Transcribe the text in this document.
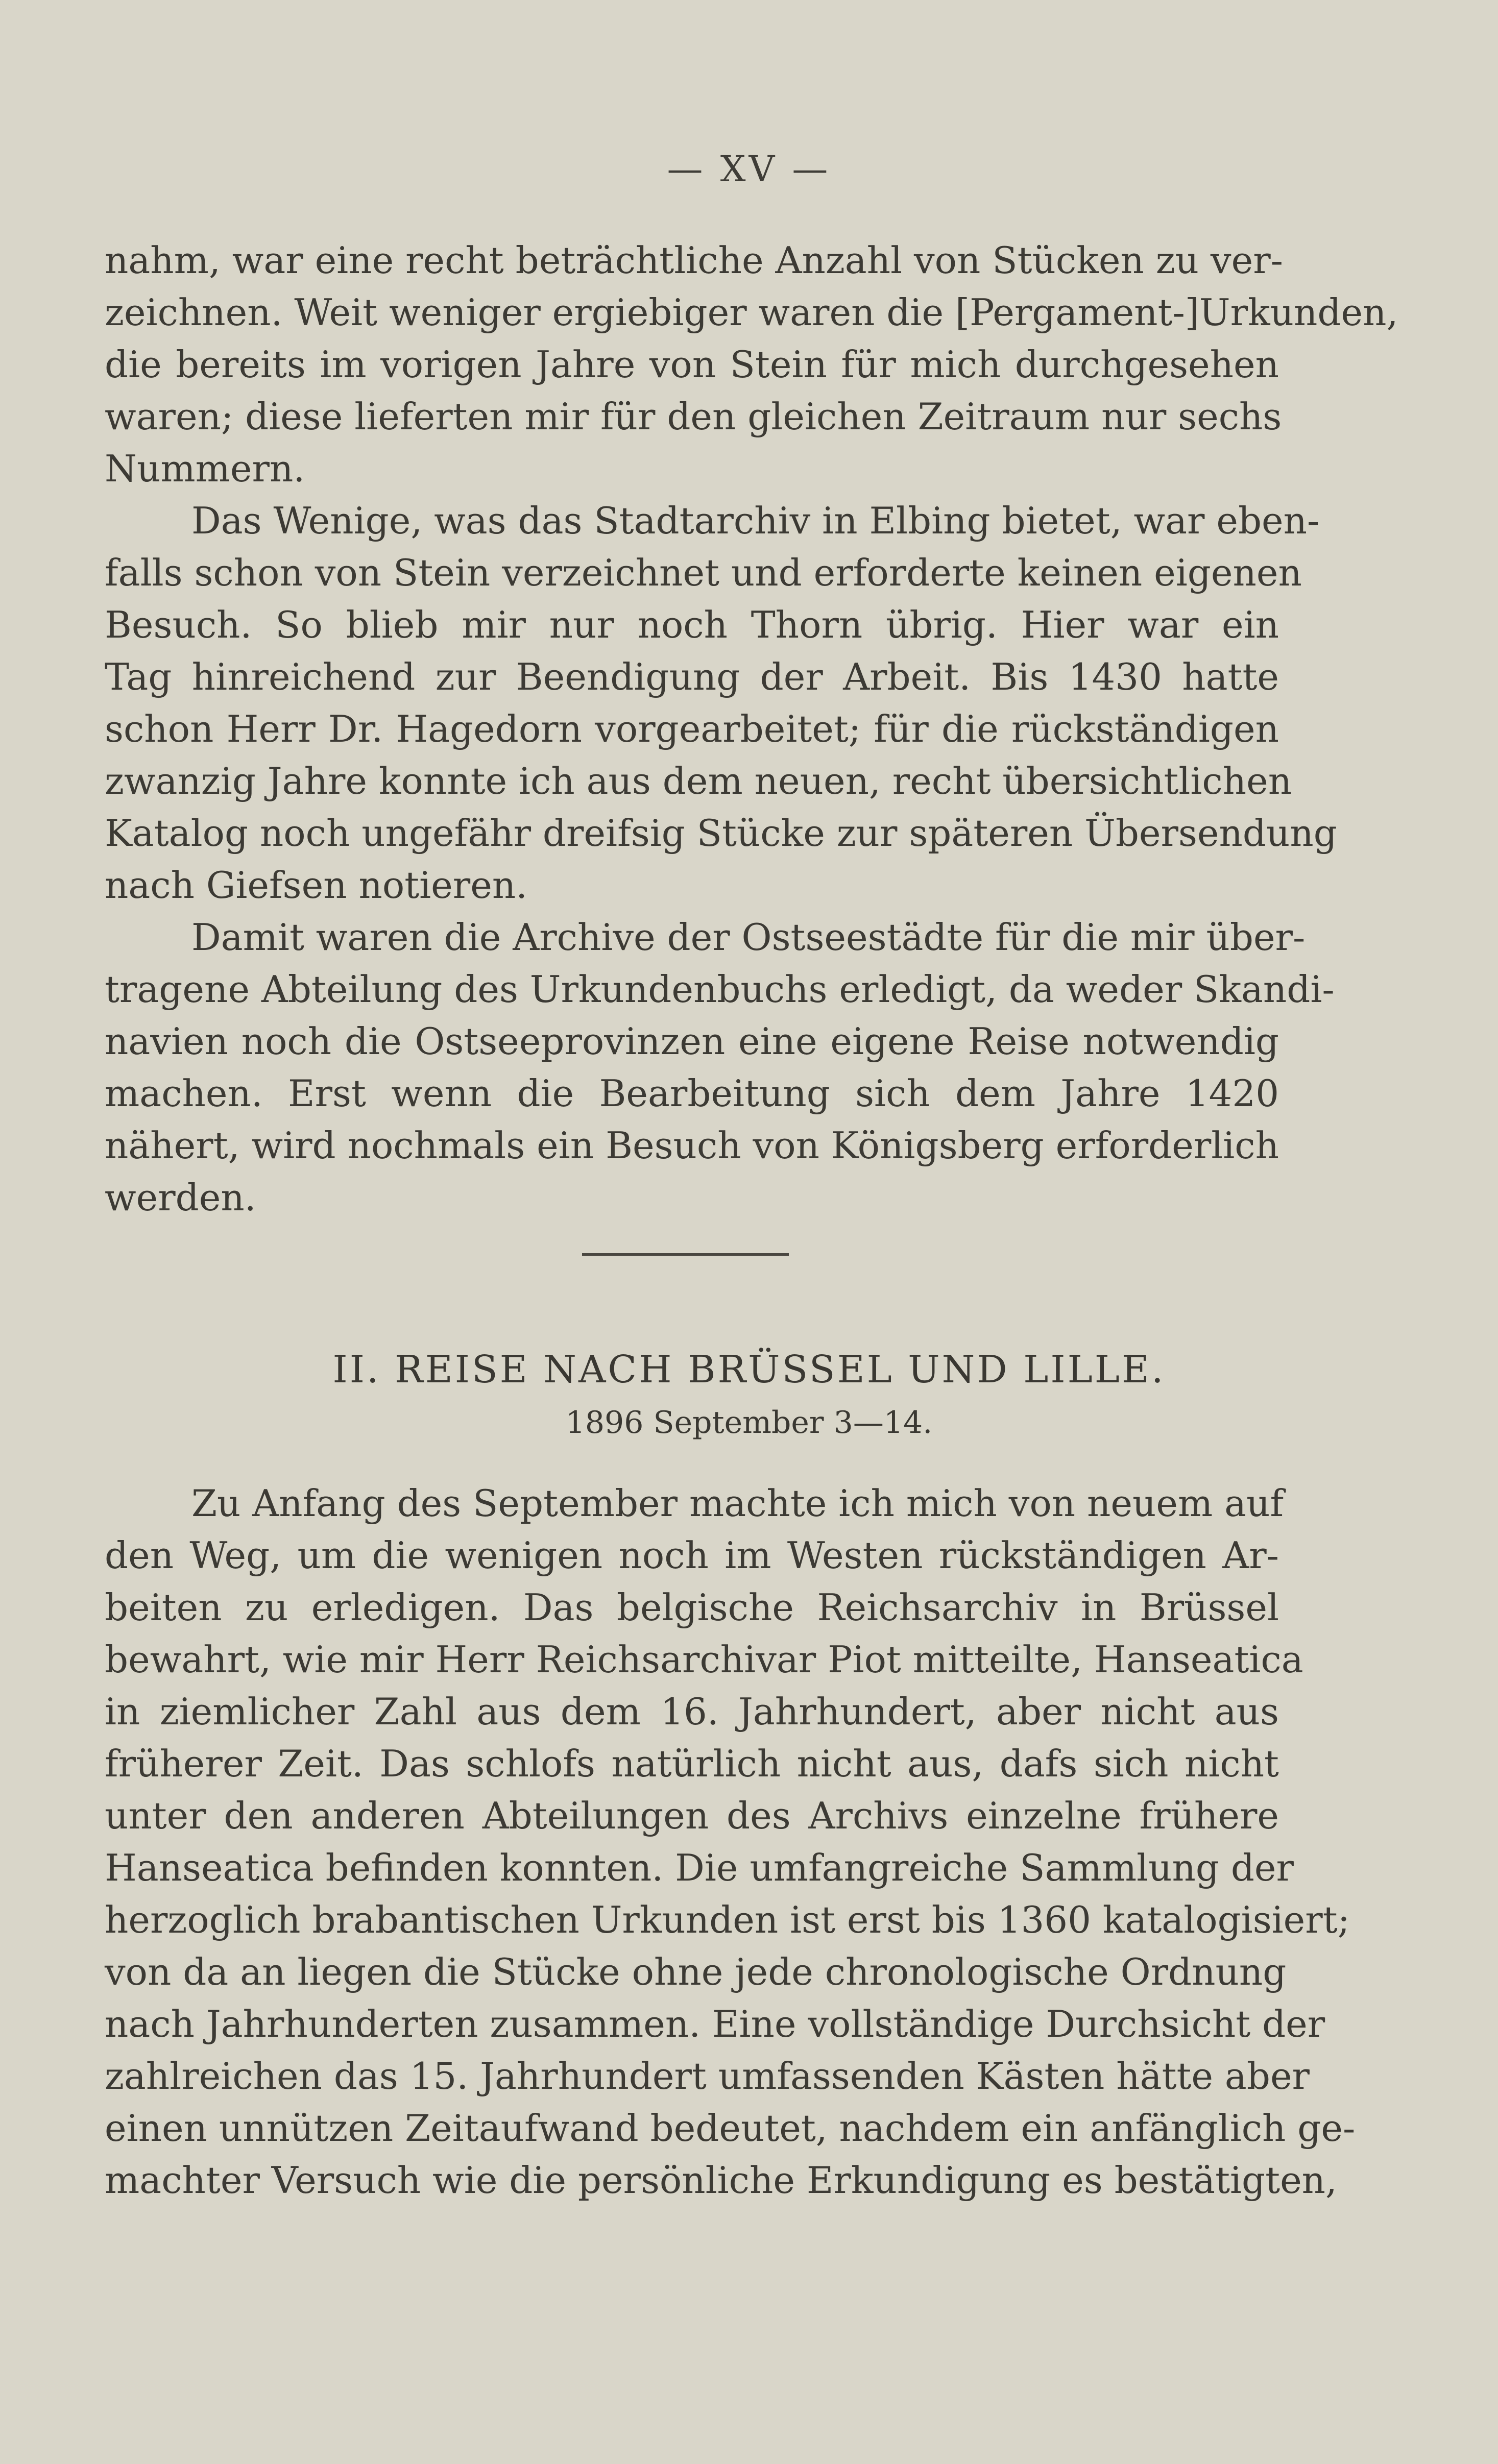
— XV —
nahm, war eine recht beträchtliche Anzahl von Stücken zu ver-
zeichnen. Weit weniger ergiebiger waren die [Pergament-]Urkunden,
die bereits im vorigen Jahre von Stein für mich durchgesehen
waren; diese lieferten mir für den gleichen Zeitraum nur sechs
Nummern.
Das Wenige, was das Stadtarchiv in Elbing bietet, war eben-
falls schon von Stein verzeichnet und erforderte keinen eigenen
Besuch. So blieb mir nur noch Thorn übrig. Hier war ein
Tag hinreichend zur Beendigung der Arbeit. Bis 1430 hatte
schon Herr Dr. Hagedorn vorgearbeitet; für die rückständigen
zwanzig Jahre konnte ich aus dem neuen, recht übersichtlichen
Katalog noch ungefähr dreifsig Stücke zur späteren Übersendung
nach Giefsen notieren.
Damit waren die Archive der Ostseestädte für die mir über-
tragene Abteilung des Urkundenbuchs erledigt, da weder Skandi-
navien noch die Ostseeprovinzen eine eigene Reise notwendig
machen. Erst wenn die Bearbeitung sich dem Jahre 1420
nähert, wird nochmals ein Besuch von Königsberg erforderlich
werden.
II. REISE NACH BRÜSSEL UND LILLE.
1896 September 3—14.
Zu Anfang des September machte ich mich von neuem auf
den Weg, um die wenigen noch im Westen rückständigen Ar-
beiten zu erledigen. Das belgische Reichsarchiv in Brüssel
bewahrt, wie mir Herr Reichsarchivar Piot mitteilte, Hanseatica
in ziemlicher Zahl aus dem 16. Jahrhundert, aber nicht aus
früherer Zeit. Das schlofs natürlich nicht aus, dafs sich nicht
unter den anderen Abteilungen des Archivs einzelne frühere
Hanseatica befinden konnten. Die umfangreiche Sammlung der
herzoglich brabantischen Urkunden ist erst bis 1360 katalogisiert;
von da an liegen die Stücke ohne jede chronologische Ordnung
nach Jahrhunderten zusammen. Eine vollständige Durchsicht der
zahlreichen das 15. Jahrhundert umfassenden Kästen hätte aber
einen unnützen Zeitaufwand bedeutet, nachdem ein anfänglich ge-
machter Versuch wie die persönliche Erkundigung es bestätigten,
